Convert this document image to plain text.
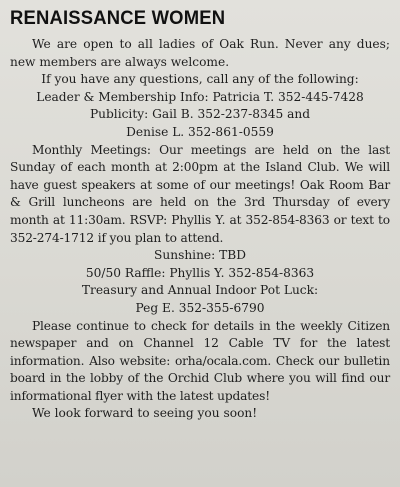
RENAISSANCE WOMEN

We are open to all ladies of Oak Run. Never any dues; new members are always welcome.

If you have any questions, call any of the following:

Leader & Membership Info: Patricia T. 352-445-7428

Publicity: Gail B. 352-237-8345 and

Denise L. 352-861-0559

Monthly Meetings: Our meetings are held on the last Sunday of each month at 2:00pm at the Island Club. We will have guest speakers at some of our meetings! Oak Room Bar & Grill luncheons are held on the 3rd Thursday of every month at 11:30am. RSVP: Phyllis Y. at 352-854-8363 or text to 352-274-1712 if you plan to attend.

Sunshine: TBD

50/50 Raffle: Phyllis Y. 352-854-8363

Treasury and Annual Indoor Pot Luck:

Peg E. 352-355-6790

Please continue to check for details in the weekly Citizen newspaper and on Channel 12 Cable TV for the latest information. Also website: orha/ocala.com. Check our bulletin board in the lobby of the Orchid Club where you will find our informational flyer with the latest updates!

We look forward to seeing you soon!
